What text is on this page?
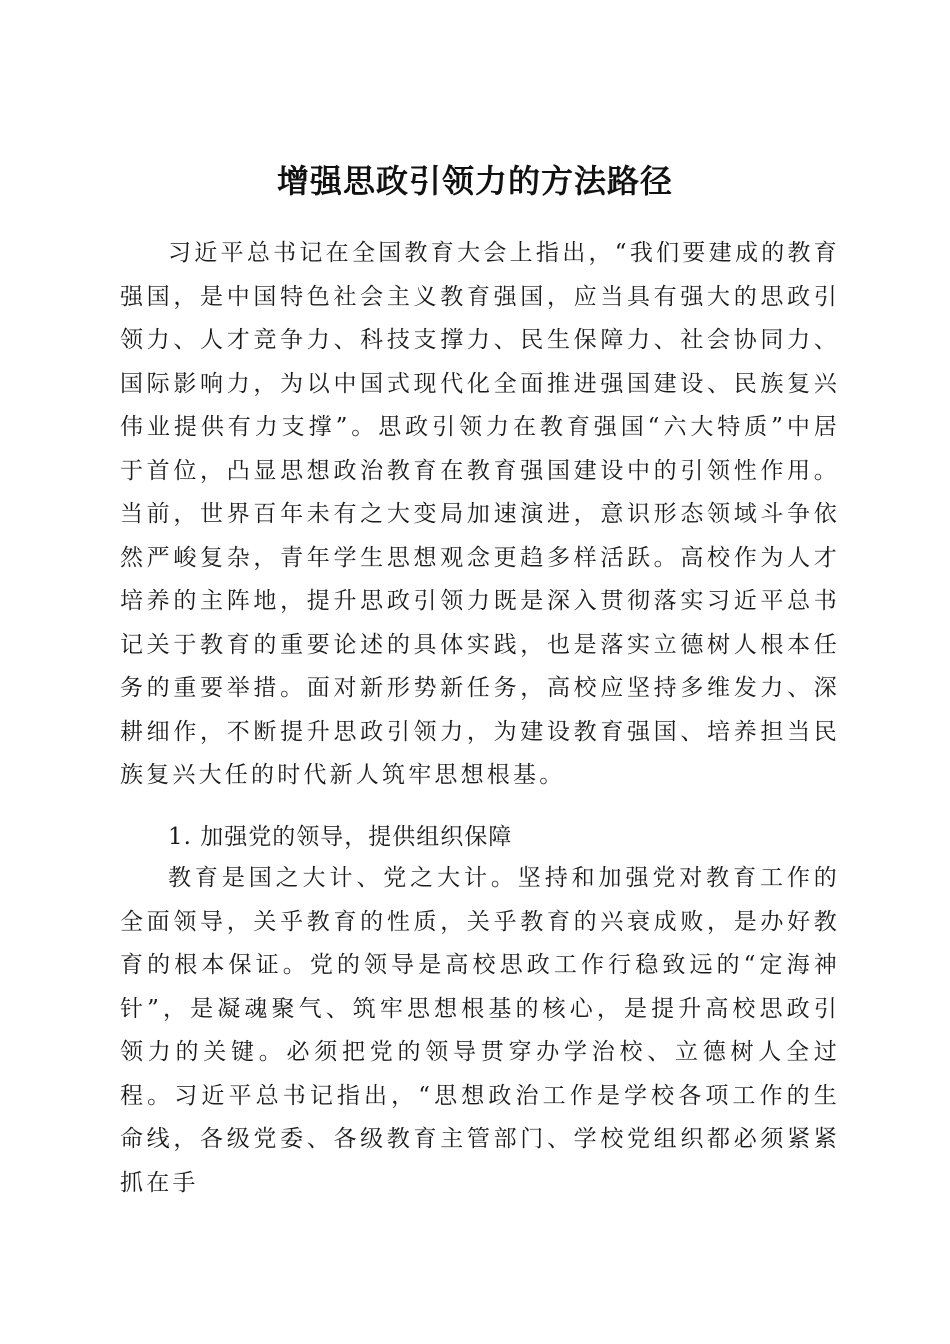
增强思政引领力的方法路径

习近平总书记在全国教育大会上指出，“我们要建成的教育强国，是中国特色社会主义教育强国，应当具有强大的思政引领力、人才竞争力、科技支撑力、民生保障力、社会协同力、国际影响力，为以中国式现代化全面推进强国建设、民族复兴伟业提供有力支撑”。思政引领力在教育强国“六大特质”中居于首位，凸显思想政治教育在教育强国建设中的引领性作用。当前，世界百年未有之大变局加速演进，意识形态领域斗争依然严峻复杂，青年学生思想观念更趋多样活跃。高校作为人才培养的主阵地，提升思政引领力既是深入贯彻落实习近平总书记关于教育的重要论述的具体实践，也是落实立德树人根本任务的重要举措。面对新形势新任务，高校应坚持多维发力、深耕细作，不断提升思政引领力，为建设教育强国、培养担当民族复兴大任的时代新人筑牢思想根基。

1. 加强党的领导，提供组织保障

教育是国之大计、党之大计。坚持和加强党对教育工作的全面领导，关乎教育的性质，关乎教育的兴衰成败，是办好教育的根本保证。党的领导是高校思政工作行稳致远的“定海神针”，是凝魂聚气、筑牢思想根基的核心，是提升高校思政引领力的关键。必须把党的领导贯穿办学治校、立德树人全过程。习近平总书记指出，“思想政治工作是学校各项工作的生命线，各级党委、各级教育主管部门、学校党组织都必须紧紧抓在手
